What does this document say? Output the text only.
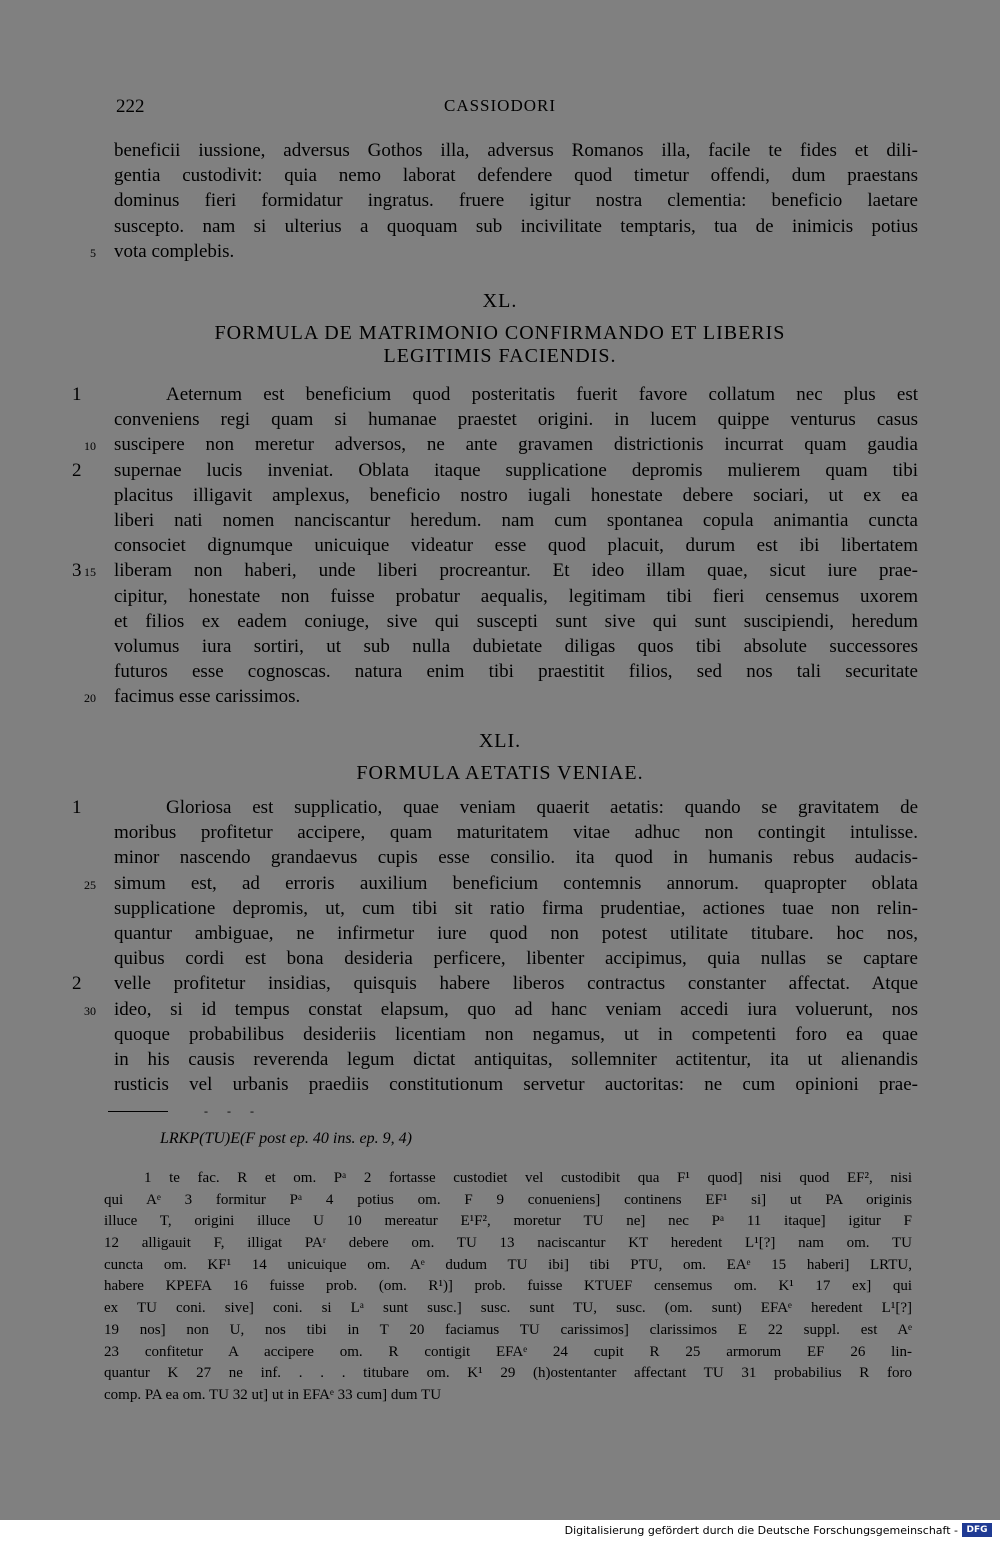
222	CASSIODORI
beneficii iussione, adversus Gothos illa, adversus Romanos illa, facile te fides et dili-
gentia custodivit: quia nemo laborat defendere quod timetur offendi, dum praestans
dominus fieri formidatur ingratus. fruere igitur nostra clementia: beneficio laetare
suscepto. nam si ulterius a quoquam sub incivilitate temptaris, tua de inimicis potius
5 vota complebis.
XL.
FORMULA DE MATRIMONIO CONFIRMANDO ET LIBERIS
LEGITIMIS FACIENDIS.
1	Aeternum est beneficium quod posteritatis fuerit favore collatum nec plus est
conveniens regi quam si humanae praestet origini. in lucem quippe venturus casus
10 suscipere non meretur adversos, ne ante gravamen districtionis incurrat quam gaudia
2 supernae lucis inveniat. Oblata itaque supplicatione depromis mulierem quam tibi
placitus illigavit amplexus, beneficio nostro iugali honestate debere sociari, ut ex ea
liberi nati nomen nanciscantur heredum. nam cum spontanea copula animantia cuncta
consociet dignumque unicuique videatur esse quod placuit, durum est ibi libertatem
3 15 liberam non haberi, unde liberi procreantur. Et ideo illam quae, sicut iure prae-
cipitur, honestate non fuisse probatur aequalis, legitimam tibi fieri censemus uxorem
et filios ex eadem coniuge, sive qui suscepti sunt sive qui sunt suscipiendi, heredum
volumus iura sortiri, ut sub nulla dubietate diligas quos tibi absolute successores
futuros esse cognoscas. natura enim tibi praestitit filios, sed nos tali securitate
20 facimus esse carissimos.
XLI.
FORMULA AETATIS VENIAE.
1	Gloriosa est supplicatio, quae veniam quaerit aetatis: quando se gravitatem de
moribus profitetur accipere, quam maturitatem vitae adhuc non contingit intulisse.
minor nascendo grandaevus cupis esse consilio. ita quod in humanis rebus audacis-
25 simum est, ad erroris auxilium beneficium contemnis annorum. quapropter oblata
supplicatione depromis, ut, cum tibi sit ratio firma prudentiae, actiones tuae non relin-
quantur ambiguae, ne infirmetur iure quod non potest utilitate titubare. hoc nos,
quibus cordi est bona desideria perficere, libenter accipimus, quia nullas se captare
2 velle profitetur insidias, quisquis habere liberos contractus constanter affectat. Atque
30 ideo, si id tempus constat elapsum, quo ad hanc veniam accedi iura voluerunt, nos
quoque probabilibus desideriis licentiam non negamus, ut in competenti foro ea quae
in his causis reverenda legum dictat antiquitas, sollemniter actitentur, ita ut alienandis
rusticis vel urbanis praediis constitutionum servetur auctoritas: ne cum opinioni prae-
- - -
LRKP(TU)E(F post ep. 40 ins. ep. 9, 4)
1 te fac. R et om. Pᵃ 2 fortasse custodiet vel custodibit qua F¹ quod] nisi quod EF², nisi
qui Aᵉ 3 formitur Pᵃ 4 potius om. F 9 conueniens] continens EF¹ si] ut PA originis
illuce T, origini illuce U 10 mereatur E¹F², moretur TU ne] nec Pᵃ 11 itaque] igitur F
12 alligauit F, illigat PAʳ debere om. TU 13 naciscantur KT heredent L¹[?] nam om. TU
cuncta om. KF¹ 14 unicuique om. Aᵉ dudum TU ibi] tibi PTU, om. EAᵉ 15 haberi] LRTU,
habere KPEFA 16 fuisse prob. (om. R¹)] prob. fuisse KTUEF censemus om. K¹ 17 ex] qui
ex TU coni. sive] coni. si Lᵃ sunt susc.] susc. sunt TU, susc. (om. sunt) EFAᵉ heredent L¹[?]
19 nos] non U, nos tibi in T 20 faciamus TU carissimos] clarissimos E 22 suppl. est Aᵉ
23 confitetur A accipere om. R contigit EFAᵉ 24 cupit R 25 armorum EF 26 lin-
quantur K 27 ne inf. . . . titubare om. K¹ 29 (h)ostentanter affectant TU 31 probabilius R foro
comp. PA ea om. TU 32 ut] ut in EFAᵉ 33 cum] dum TU
Digitalisierung gefördert durch die Deutsche Forschungsgemeinschaft - DFG
